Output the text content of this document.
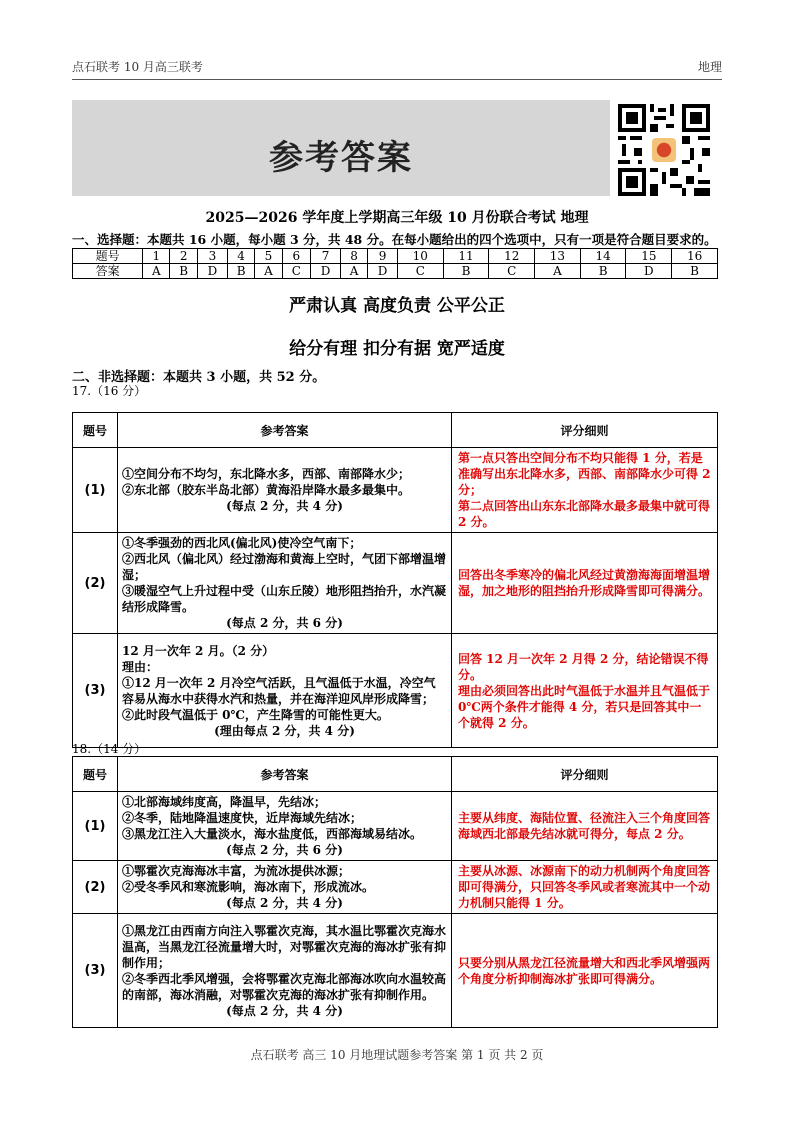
点石联考 10 月高三联考	地理
参考答案
2025—2026 学年度上学期高三年级 10 月份联合考试 地理
一、选择题：本题共 16 小题，每小题 3 分，共 48 分。在每小题给出的四个选项中，只有一项是符合题目要求的。
题号	1	2	3	4	5	6	7	8	9	10	11	12	13	14	15	16
答案	A	B	D	B	A	C	D	A	D	C	B	C	A	B	D	B
严肃认真 高度负责 公平公正
给分有理 扣分有据 宽严适度
二、非选择题：本题共 3 小题，共 52 分。
17.（16 分）
题号	参考答案	评分细则
(1)	①空间分布不均匀，东北降水多，西部、南部降水少；
②东北部（胶东半岛北部）黄海沿岸降水最多最集中。
(每点 2 分，共 4 分)	第一点只答出空间分布不均只能得 1 分，若是准确写出东北降水多，西部、南部降水少可得 2 分；
第二点回答出山东东北部降水最多最集中就可得 2 分。

(2)	①冬季强劲的西北风(偏北风)使冷空气南下；
②西北风（偏北风）经过渤海和黄海上空时，气团下部增温增湿；
③暖湿空气上升过程中受（山东丘陵）地形阻挡抬升，水汽凝结形成降雪。
(每点 2 分，共 6 分)	回答出冬季寒冷的偏北风经过黄渤海海面增温增湿，加之地形的阻挡抬升形成降雪即可得满分。

(3)	12 月一次年 2 月。（2 分）
理由：
①12 月一次年 2 月冷空气活跃，且气温低于水温，冷空气容易从海水中获得水汽和热量，并在海洋迎风岸形成降雪；
②此时段气温低于 0℃，产生降雪的可能性更大。
(理由每点 2 分，共 4 分)	回答 12 月一次年 2 月得 2 分，结论错误不得分。
理由必须回答出此时气温低于水温并且气温低于 0℃两个条件才能得 4 分，若只是回答其中一个就得 2 分。
18.（14 分）
题号	参考答案	评分细则
(1)	①北部海域纬度高，降温早，先结冰；
②冬季，陆地降温速度快，近岸海域先结冰；
③黑龙江注入大量淡水，海水盐度低，西部海域易结冰。
(每点 2 分，共 6 分)	主要从纬度、海陆位置、径流注入三个角度回答海域西北部最先结冰就可得分，每点 2 分。

(2)	①鄂霍次克海海冰丰富，为流冰提供冰源；
②受冬季风和寒流影响，海冰南下，形成流冰。
(每点 2 分，共 4 分)	主要从冰源、冰源南下的动力机制两个角度回答即可得满分，只回答冬季风或者寒流其中一个动力机制只能得 1 分。

(3)	①黑龙江由西南方向注入鄂霍次克海，其水温比鄂霍次克海水温高，当黑龙江径流量增大时，对鄂霍次克海的海冰扩张有抑制作用；
②冬季西北季风增强，会将鄂霍次克海北部海冰吹向水温较高的南部，海冰消融，对鄂霍次克海的海冰扩张有抑制作用。
(每点 2 分，共 4 分)	只要分别从黑龙江径流量增大和西北季风增强两个角度分析抑制海冰扩张即可得满分。
点石联考 高三 10 月地理试题参考答案 第 1 页 共 2 页
